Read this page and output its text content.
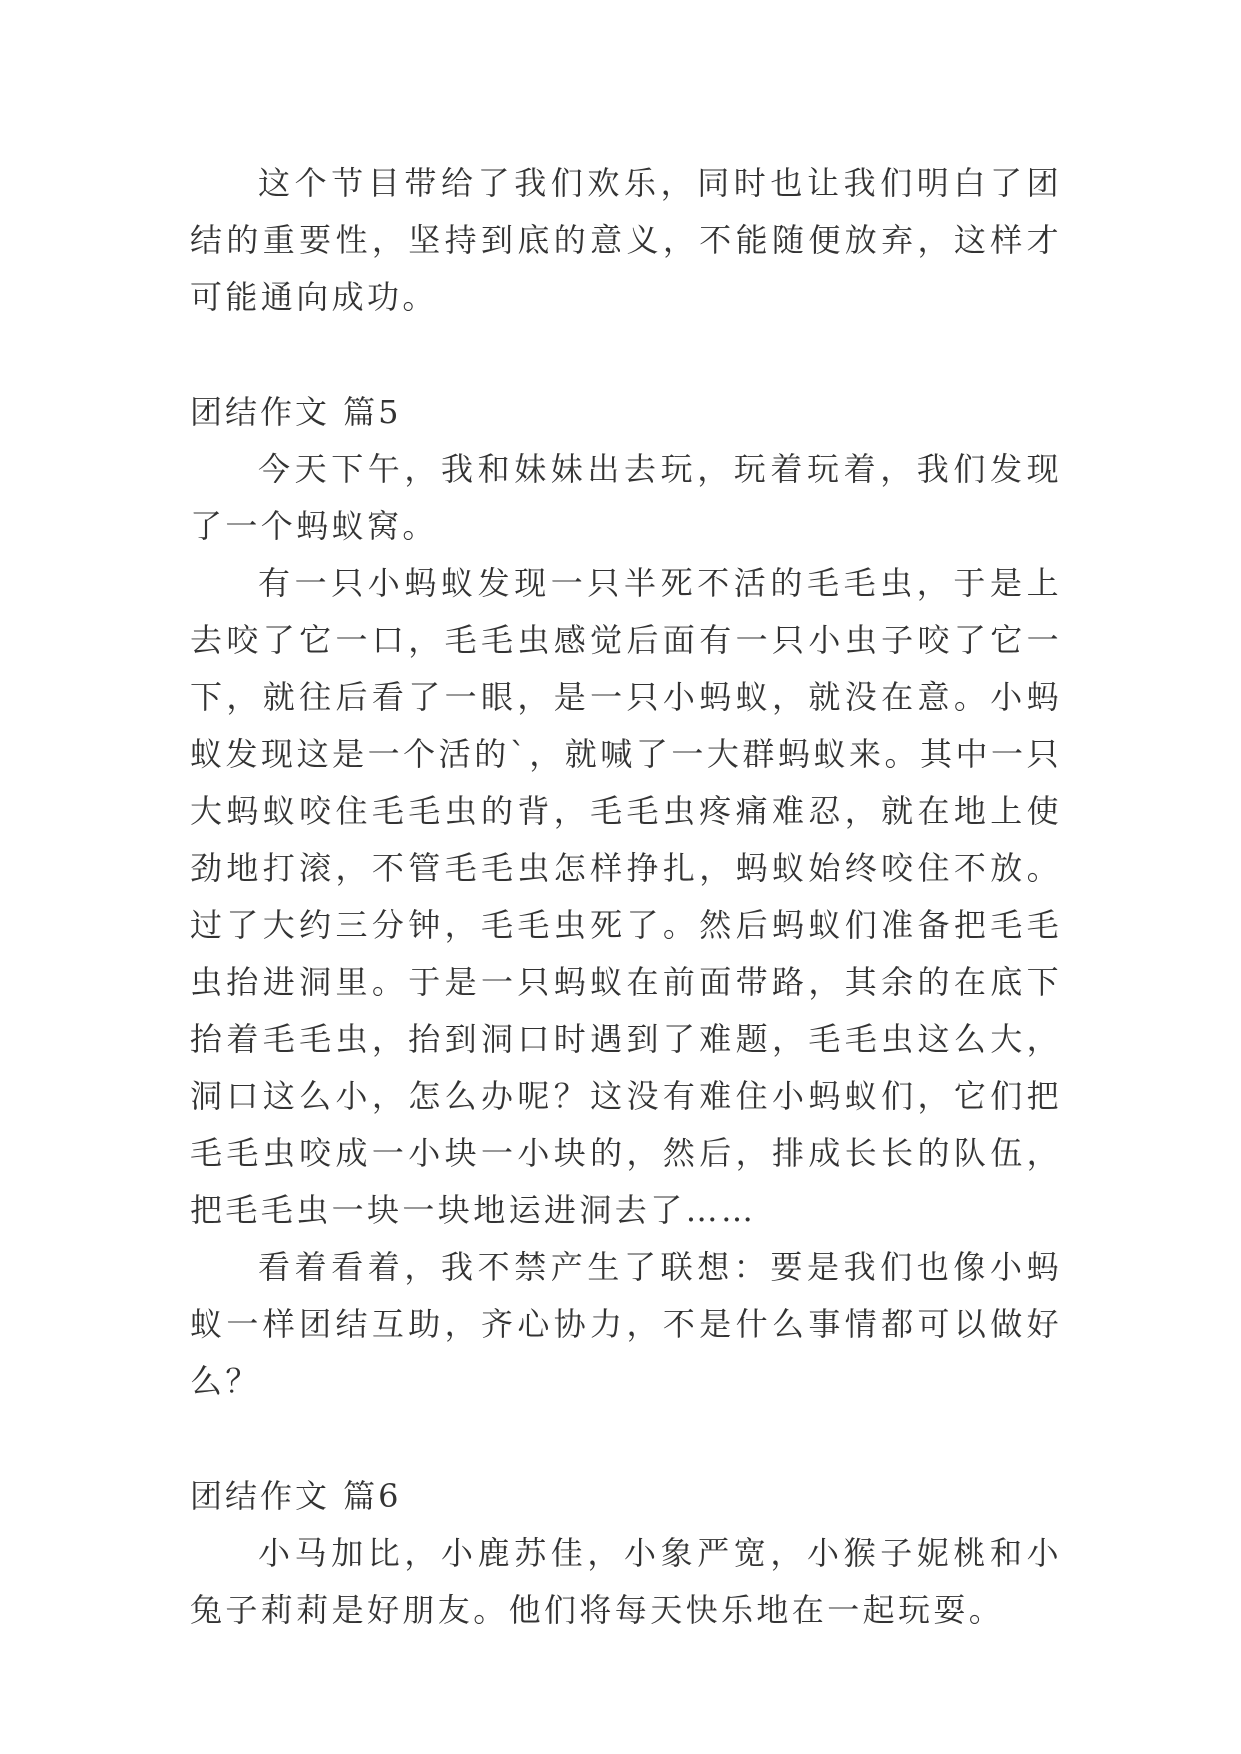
这个节目带给了我们欢乐，同时也让我们明白了团结的重要性，坚持到底的意义，不能随便放弃，这样才可能通向成功。

团结作文 篇5

今天下午，我和妹妹出去玩，玩着玩着，我们发现了一个蚂蚁窝。

有一只小蚂蚁发现一只半死不活的毛毛虫，于是上去咬了它一口，毛毛虫感觉后面有一只小虫子咬了它一下，就往后看了一眼，是一只小蚂蚁，就没在意。小蚂蚁发现这是一个活的`，就喊了一大群蚂蚁来。其中一只大蚂蚁咬住毛毛虫的背，毛毛虫疼痛难忍，就在地上使劲地打滚，不管毛毛虫怎样挣扎，蚂蚁始终咬住不放。过了大约三分钟，毛毛虫死了。然后蚂蚁们准备把毛毛虫抬进洞里。于是一只蚂蚁在前面带路，其余的在底下抬着毛毛虫，抬到洞口时遇到了难题，毛毛虫这么大，洞口这么小，怎么办呢？这没有难住小蚂蚁们，它们把毛毛虫咬成一小块一小块的，然后，排成长长的队伍，把毛毛虫一块一块地运进洞去了……

看着看着，我不禁产生了联想：要是我们也像小蚂蚁一样团结互助，齐心协力，不是什么事情都可以做好么？

团结作文 篇6

小马加比，小鹿苏佳，小象严宽，小猴子妮桃和小兔子莉莉是好朋友。他们将每天快乐地在一起玩耍。
